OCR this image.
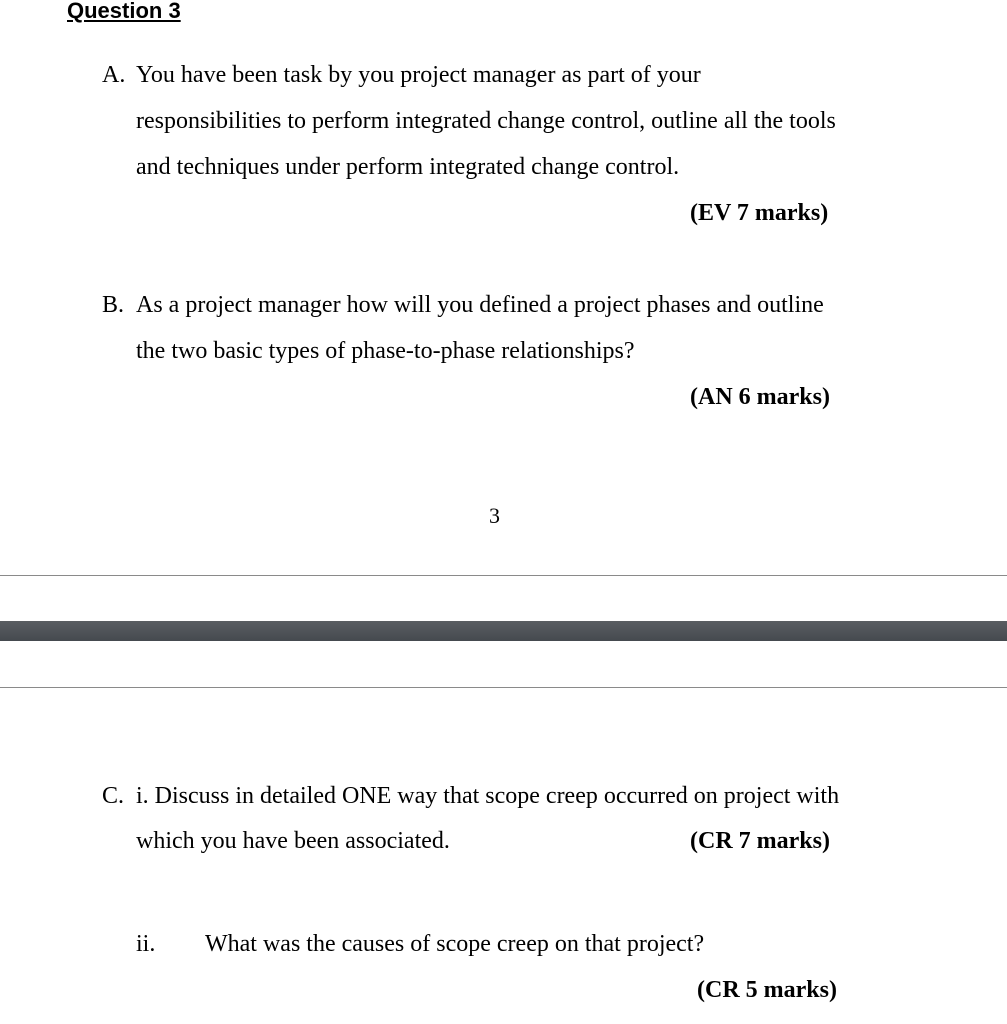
Question 3
A. You have been task by you project manager as part of your
responsibilities to perform integrated change control, outline all the tools
and techniques under perform integrated change control.
(EV 7 marks)
B. As a project manager how will you defined a project phases and outline
the two basic types of phase-to-phase relationships?
(AN 6 marks)
3
C. i. Discuss in detailed ONE way that scope creep occurred on project with
which you have been associated.	(CR 7 marks)
ii. What was the causes of scope creep on that project?
(CR 5 marks)
